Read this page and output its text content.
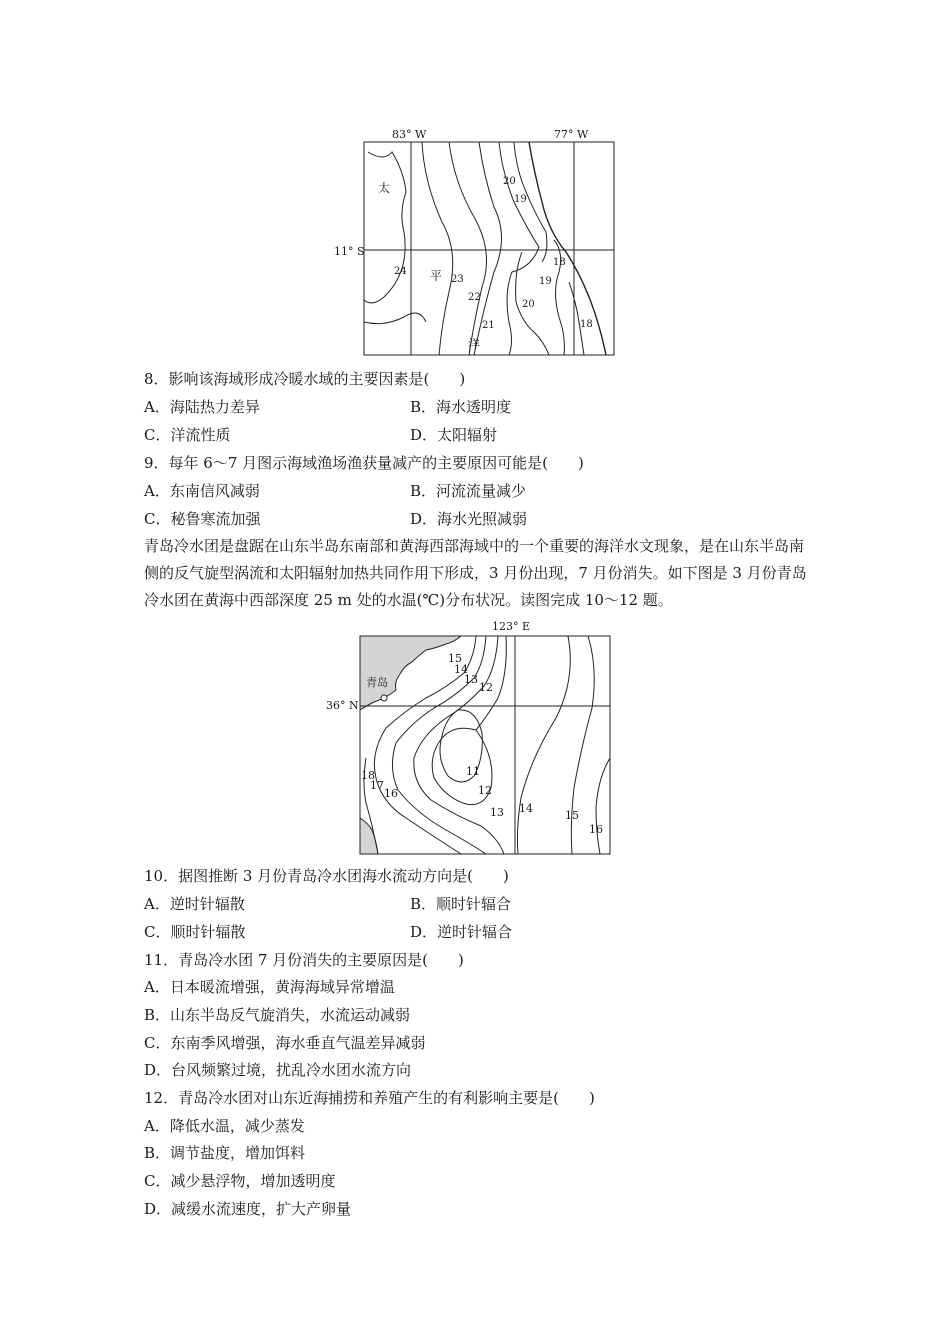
83° W	77° W
11° S
20
19
18
19
20
24
23
22
21	18
太
平
洋
8．影响该海域形成冷暖水域的主要因素是(　　)
A．海陆热力差异	B．海水透明度
C．洋流性质	D．太阳辐射
9．每年 6～7 月图示海域渔场渔获量减产的主要原因可能是(　　)
A．东南信风减弱	B．河流流量减少
C．秘鲁寒流加强	D．海水光照减弱
青岛冷水团是盘踞在山东半岛东南部和黄海西部海域中的一个重要的海洋水文现象，是在山东半岛南侧的反气旋型涡流和太阳辐射加热共同作用下形成，3 月份出现，7 月份消失。如下图是 3 月份青岛冷水团在黄海中西部深度 25 m 处的水温(℃)分布状况。读图完成 10～12 题。
123° E
36° N
15
14
13
12
11
12
13 14
15
16
18
17
16
青岛
10．据图推断 3 月份青岛冷水团海水流动方向是(　　)
A．逆时针辐散	B．顺时针辐合
C．顺时针辐散	D．逆时针辐合
11．青岛冷水团 7 月份消失的主要原因是(　　)
A．日本暖流增强，黄海海域异常增温
B．山东半岛反气旋消失，水流运动减弱
C．东南季风增强，海水垂直气温差异减弱
D．台风频繁过境，扰乱冷水团水流方向
12．青岛冷水团对山东近海捕捞和养殖产生的有利影响主要是(　　)
A．降低水温，减少蒸发
B．调节盐度，增加饵料
C．减少悬浮物，增加透明度
D．减缓水流速度，扩大产卵量
